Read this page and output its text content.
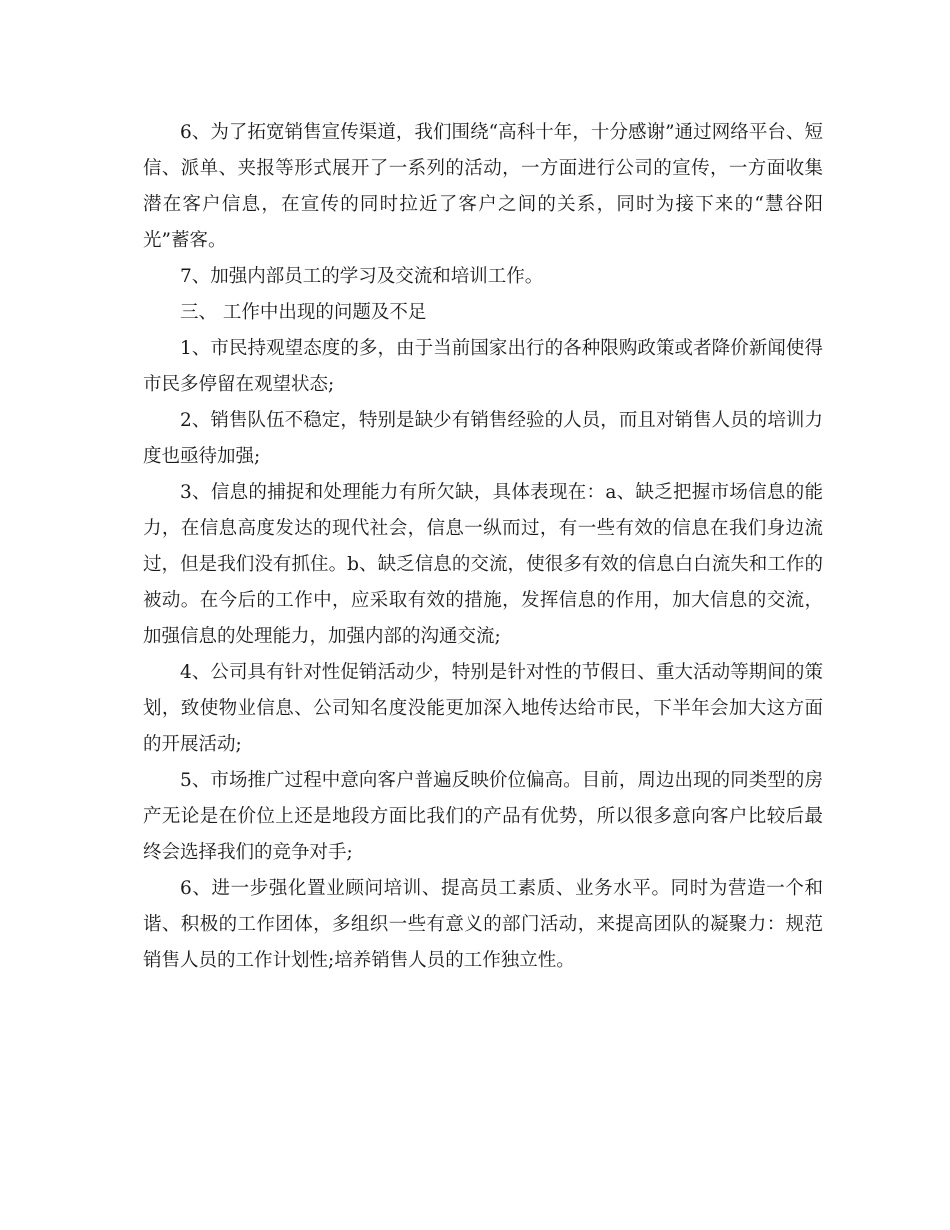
6、为了拓宽销售宣传渠道，我们围绕“高科十年，十分感谢”通过网络平台、短信、派单、夹报等形式展开了一系列的活动，一方面进行公司的宣传，一方面收集潜在客户信息，在宣传的同时拉近了客户之间的关系，同时为接下来的“慧谷阳光”蓄客。

7、加强内部员工的学习及交流和培训工作。

三、 工作中出现的问题及不足

1、市民持观望态度的多，由于当前国家出行的各种限购政策或者降价新闻使得市民多停留在观望状态;

2、销售队伍不稳定，特别是缺少有销售经验的人员，而且对销售人员的培训力度也亟待加强;

3、信息的捕捉和处理能力有所欠缺，具体表现在：a、缺乏把握市场信息的能力，在信息高度发达的现代社会，信息一纵而过，有一些有效的信息在我们身边流过，但是我们没有抓住。b、缺乏信息的交流，使很多有效的信息白白流失和工作的被动。在今后的工作中，应采取有效的措施，发挥信息的作用，加大信息的交流，加强信息的处理能力，加强内部的沟通交流;

4、公司具有针对性促销活动少，特别是针对性的节假日、重大活动等期间的策划，致使物业信息、公司知名度没能更加深入地传达给市民，下半年会加大这方面的开展活动;

5、市场推广过程中意向客户普遍反映价位偏高。目前，周边出现的同类型的房产无论是在价位上还是地段方面比我们的产品有优势，所以很多意向客户比较后最终会选择我们的竞争对手;

6、进一步强化置业顾问培训、提高员工素质、业务水平。同时为营造一个和谐、积极的工作团体，多组织一些有意义的部门活动，来提高团队的凝聚力：规范销售人员的工作计划性;培养销售人员的工作独立性。
